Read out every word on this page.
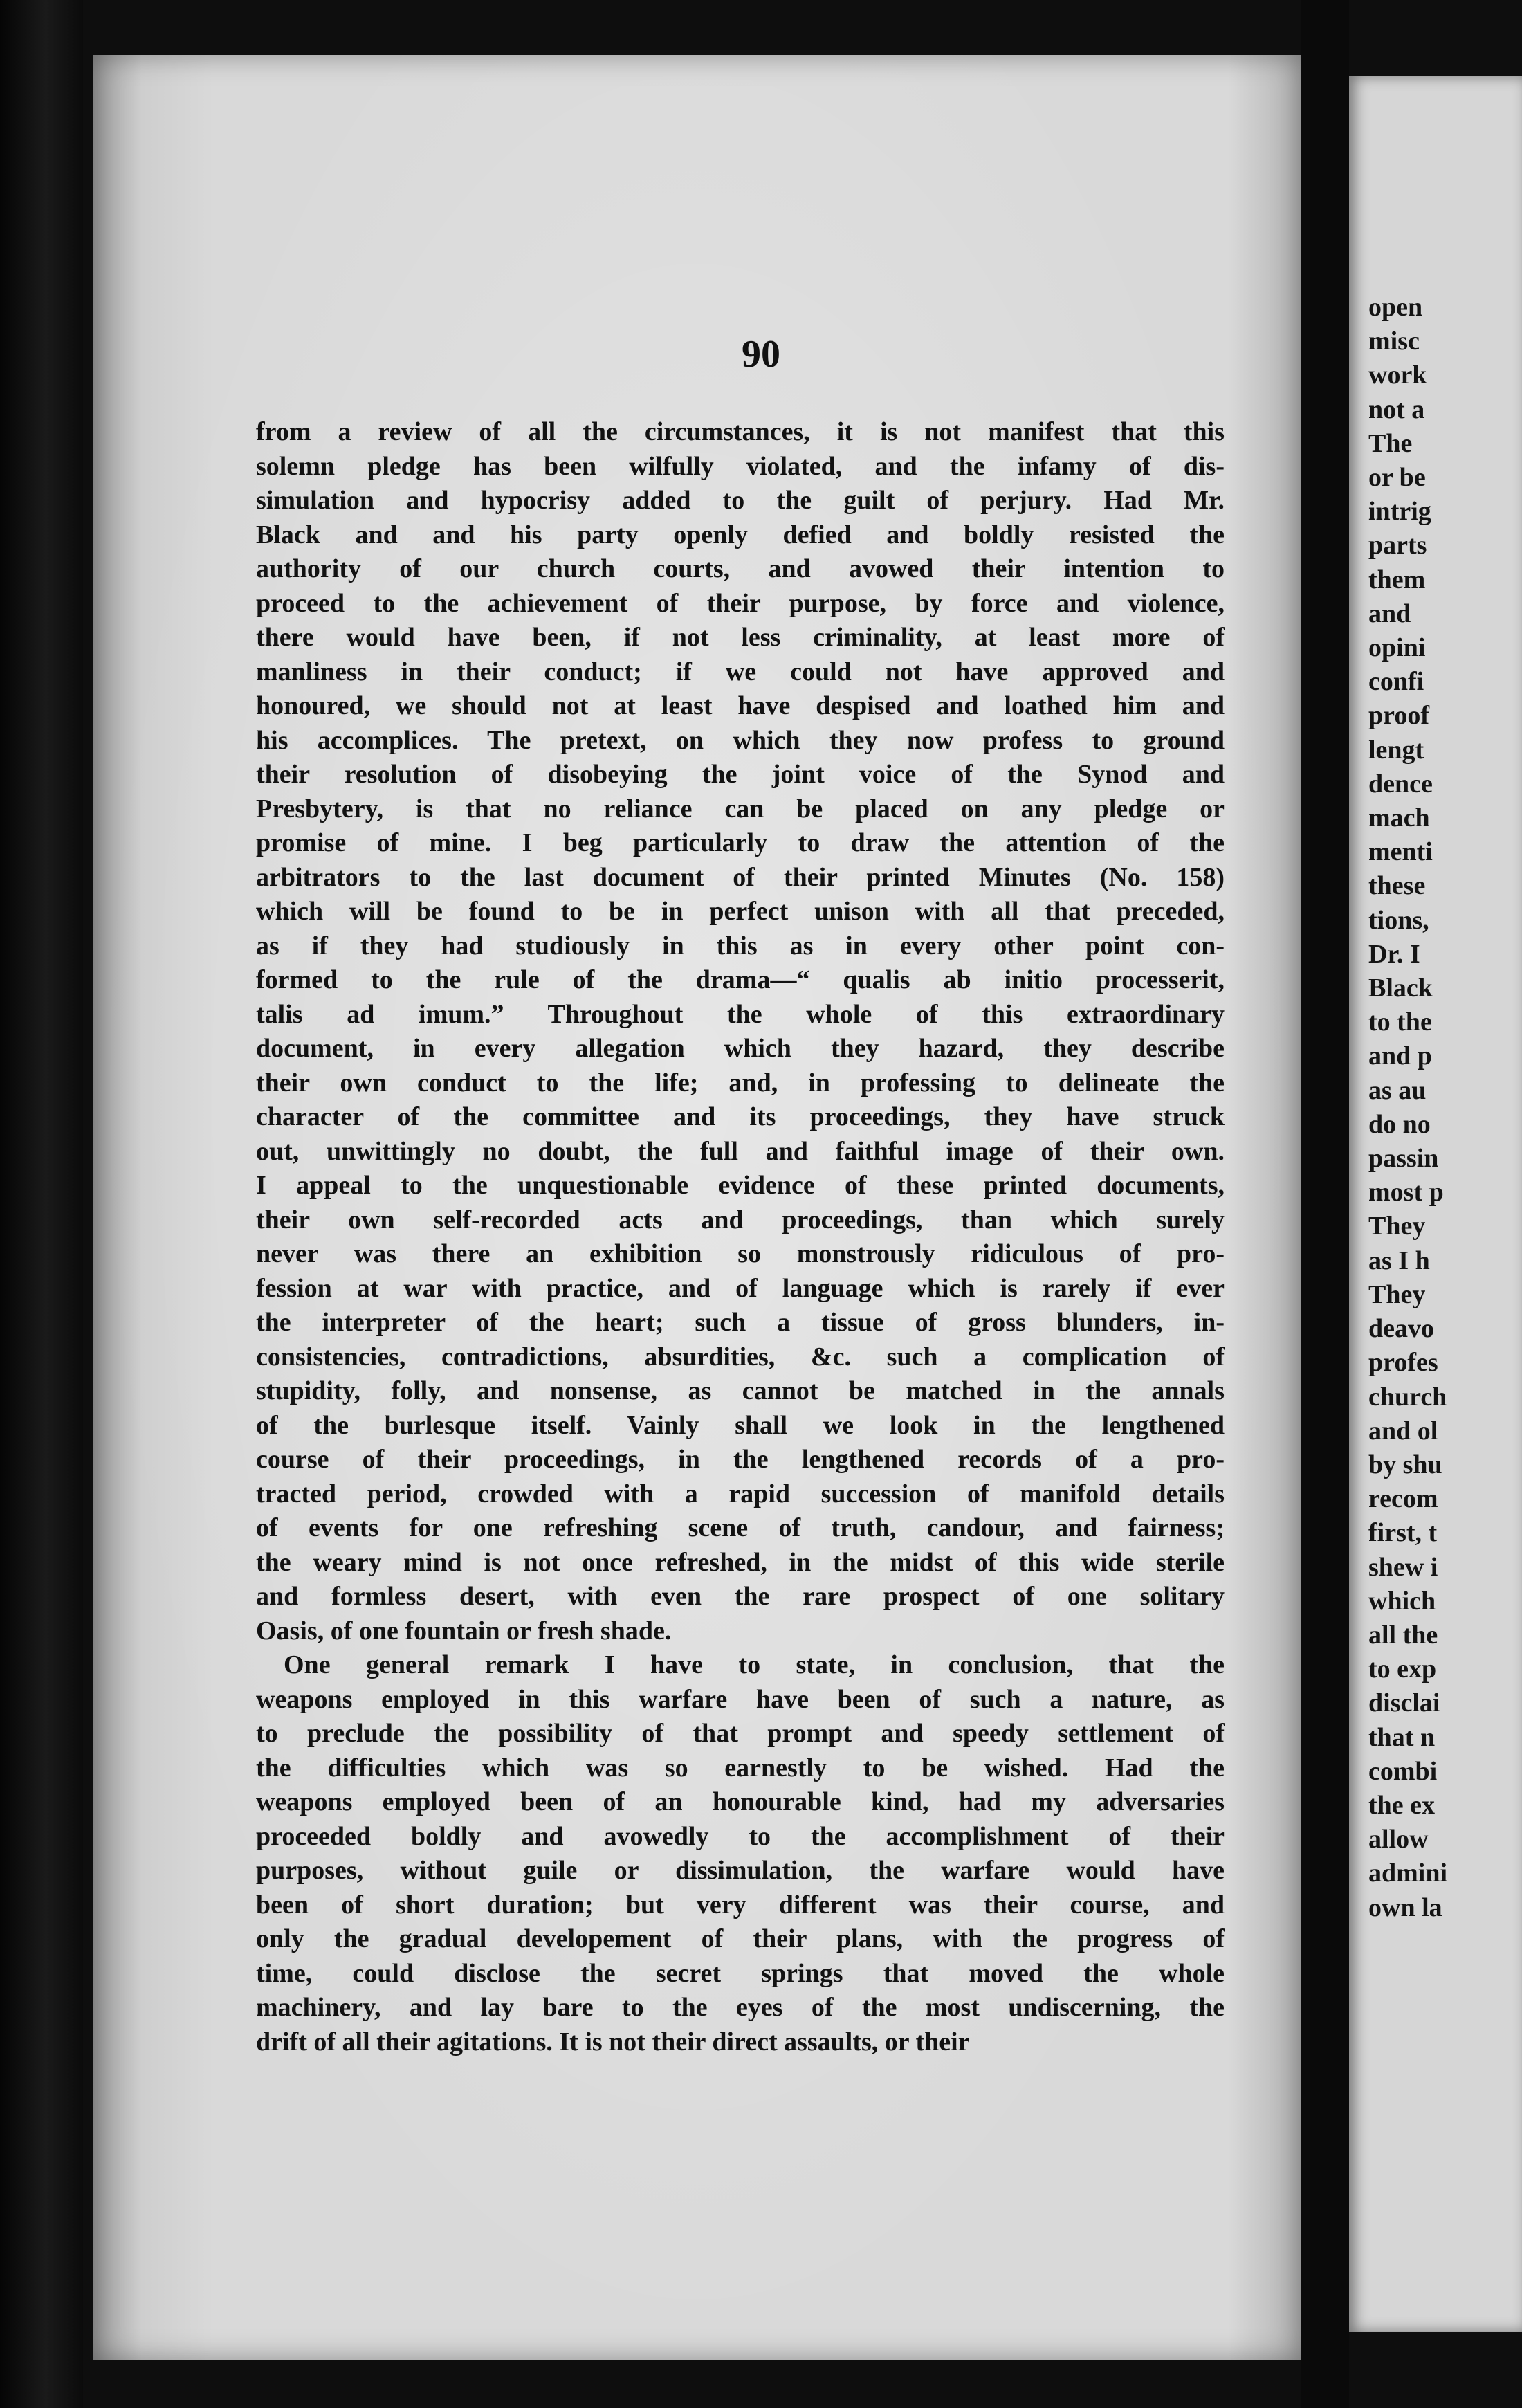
90

from a review of all the circumstances, it is not manifest that this
solemn pledge has been wilfully violated, and the infamy of dis-
simulation and hypocrisy added to the guilt of perjury. Had Mr.
Black and and his party openly defied and boldly resisted the
authority of our church courts, and avowed their intention to
proceed to the achievement of their purpose, by force and violence,
there would have been, if not less criminality, at least more of
manliness in their conduct; if we could not have approved and
honoured, we should not at least have despised and loathed him and
his accomplices. The pretext, on which they now profess to ground
their resolution of disobeying the joint voice of the Synod and
Presbytery, is that no reliance can be placed on any pledge or
promise of mine. I beg particularly to draw the attention of the
arbitrators to the last document of their printed Minutes (No. 158)
which will be found to be in perfect unison with all that preceded,
as if they had studiously in this as in every other point con-
formed to the rule of the drama—“ qualis ab initio processerit,
talis ad imum.” Throughout the whole of this extraordinary
document, in every allegation which they hazard, they describe
their own conduct to the life; and, in professing to delineate the
character of the committee and its proceedings, they have struck
out, unwittingly no doubt, the full and faithful image of their own.
I appeal to the unquestionable evidence of these printed documents,
their own self-recorded acts and proceedings, than which surely
never was there an exhibition so monstrously ridiculous of pro-
fession at war with practice, and of language which is rarely if ever
the interpreter of the heart; such a tissue of gross blunders, in-
consistencies, contradictions, absurdities, &c. such a complication of
stupidity, folly, and nonsense, as cannot be matched in the annals
of the burlesque itself. Vainly shall we look in the lengthened
course of their proceedings, in the lengthened records of a pro-
tracted period, crowded with a rapid succession of manifold details
of events for one refreshing scene of truth, candour, and fairness;
the weary mind is not once refreshed, in the midst of this wide sterile
and formless desert, with even the rare prospect of one solitary
Oasis, of one fountain or fresh shade.

One general remark I have to state, in conclusion, that the
weapons employed in this warfare have been of such a nature, as
to preclude the possibility of that prompt and speedy settlement of
the difficulties which was so earnestly to be wished. Had the
weapons employed been of an honourable kind, had my adversaries
proceeded boldly and avowedly to the accomplishment of their
purposes, without guile or dissimulation, the warfare would have
been of short duration; but very different was their course, and
only the gradual developement of their plans, with the progress of
time, could disclose the secret springs that moved the whole
machinery, and lay bare to the eyes of the most undiscerning, the
drift of all their agitations. It is not their direct assaults, or their

open
misc
work
not a
The
or be
intrig
parts
them
and
opini
confi
proof
lengt
dence
mach
menti
these
tions,
Dr. I
Black
to the
and p
as au
do no
passin
most p
They
as I h
They
deavo
profes
church
and ol
by shu
recom
first, t
shew i
which
all the
to exp
disclai
that n
combi
the ex
allow
admini
own la
